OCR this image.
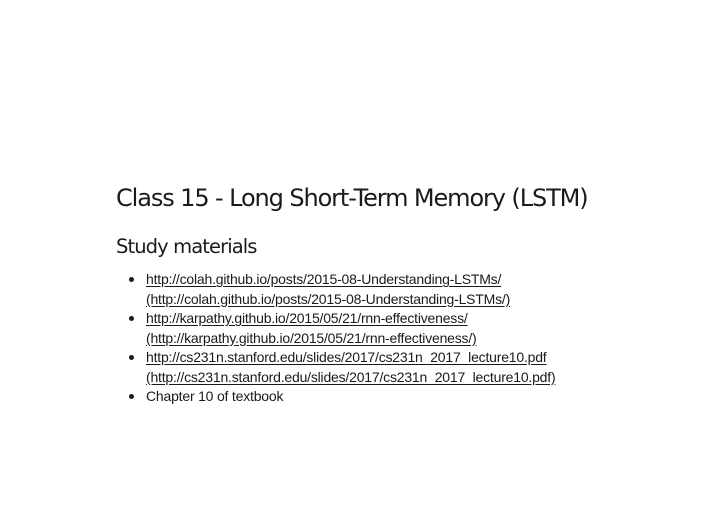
Class 15 - Long Short-Term Memory (LSTM)
Study materials
http://colah.github.io/posts/2015-08-Understanding-LSTMs/
(http://colah.github.io/posts/2015-08-Understanding-LSTMs/)
http://karpathy.github.io/2015/05/21/rnn-effectiveness/
(http://karpathy.github.io/2015/05/21/rnn-effectiveness/)
http://cs231n.stanford.edu/slides/2017/cs231n_2017_lecture10.pdf
(http://cs231n.stanford.edu/slides/2017/cs231n_2017_lecture10.pdf)
Chapter 10 of textbook
